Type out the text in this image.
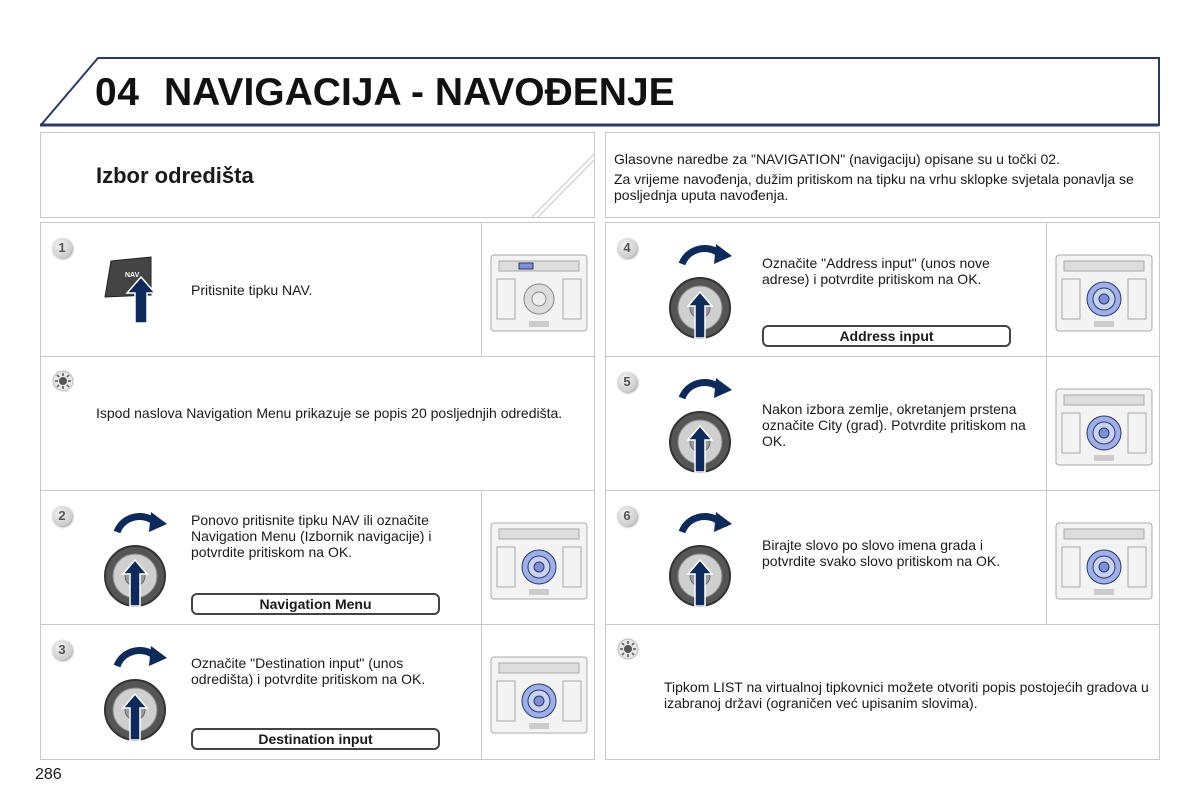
04 NAVIGACIJA - NAVOĐENJE
Izbor odredišta
Glasovne naredbe za "NAVIGATION" (navigaciju) opisane su u točki 02.
Za vrijeme navođenja, dužim pritiskom na tipku na vrhu sklopke svjetala ponavlja se posljednja uputa navođenja.
1
NAV
Pritisnite tipku NAV.
Ispod naslova Navigation Menu prikazuje se popis 20 posljednjih odredišta.
2	Ponovo pritisnite tipku NAV ili označite Navigation Menu (Izbornik navigacije) i potvrdite pritiskom na OK.
Navigation Menu
3
Označite "Destination input" (unos odredišta) i potvrdite pritiskom na OK.
Destination input
4
Označite "Address input" (unos nove adrese) i potvrdite pritiskom na OK.
Address input
5
Nakon izbora zemlje, okretanjem prstena označite City (grad). Potvrdite pritiskom na OK.
6
Birajte slovo po slovo imena grada i potvrdite svako slovo pritiskom na OK.
Tipkom LIST na virtualnoj tipkovnici možete otvoriti popis postojećih gradova u izabranoj državi (ograničen već upisanim slovima).
286
